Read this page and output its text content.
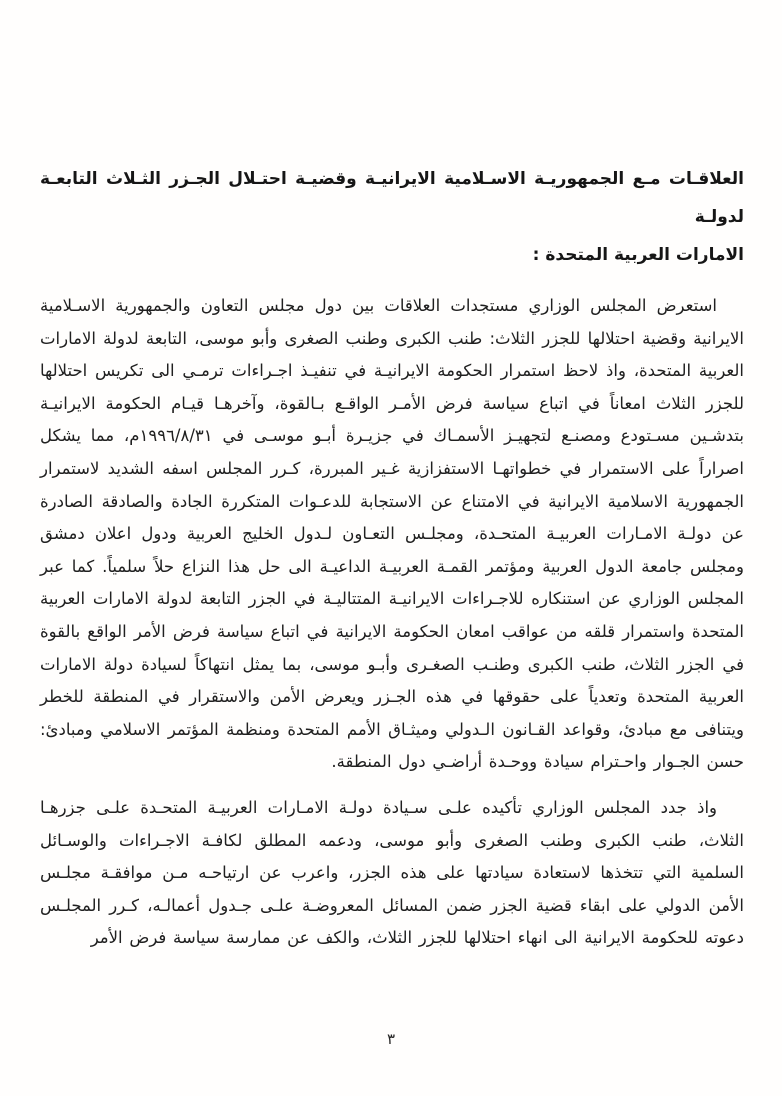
العلاقـات مـع الجمهوريـة الاسـلامية الايرانيـة وقضيـة احتـلال الجـزر الثـلاث التابعـة لدولـة
الامارات العربية المتحدة :

استعرض المجلس الوزاري مستجدات العلاقات بين دول مجلس التعاون والجمهورية الاسـلامية الايرانية وقضية احتلالها للجزر الثلاث: طنب الكبرى وطنب الصغرى وأبو موسى، التابعة لدولة الامارات العربية المتحدة، واذ لاحظ استمرار الحكومة الايرانيـة في تنفيـذ اجـراءات ترمـي الى تكريس احتلالها للجزر الثلاث امعاناً في اتباع سياسة فرض الأمـر الواقـع بـالقوة، وآخرهـا قيـام الحكومة الايرانيـة بتدشـين مسـتودع ومصنـع لتجهيـز الأسمـاك في جزيـرة أبـو موسـى في ١٩٩٦/٨/٣١م، مما يشكل اصراراً على الاستمرار في خطواتهـا الاستفزازية غـير المبررة، كـرر المجلس اسفه الشديد لاستمرار الجمهورية الاسلامية الايرانية في الامتناع عن الاستجابة للدعـوات المتكررة الجادة والصادقة الصادرة عن دولـة الامـارات العربيـة المتحـدة، ومجلـس التعـاون لـدول الخليج العربية ودول اعلان دمشق ومجلس جامعة الدول العربية ومؤتمر القمـة العربيـة الداعيـة الى حل هذا النزاع حلاً سلمياً. كما عبر المجلس الوزاري عن استنكاره للاجـراءات الايرانيـة المتتاليـة في الجزر التابعة لدولة الامارات العربية المتحدة واستمرار قلقه من عواقب امعان الحكومة الايرانية في اتباع سياسة فرض الأمر الواقع بالقوة في الجزر الثلاث، طنب الكبرى وطنـب الصغـرى وأبـو موسى، بما يمثل انتهاكاً لسيادة دولة الامارات العربية المتحدة وتعدياً على حقوقها في هذه الجـزر ويعرض الأمن والاستقرار في المنطقة للخطر ويتنافى مع مبادئ، وقواعد القـانون الـدولي وميثـاق الأمم المتحدة ومنظمة المؤتمر الاسلامي ومبادئ: حسن الجـوار واحـترام سيادة ووحـدة أراضـي دول المنطقة.

واذ جدد المجلس الوزاري تأكيده علـى سـيادة دولـة الامـارات العربيـة المتحـدة علـى جزرهـا الثلاث، طنب الكبرى وطنب الصغرى وأبو موسى، ودعمه المطلق لكافـة الاجـراءات والوسـائل السلمية التي تتخذها لاستعادة سيادتها على هذه الجزر، واعرب عن ارتياحـه مـن موافقـة مجلـس الأمن الدولي على ابقاء قضية الجزر ضمن المسائل المعروضـة علـى جـدول أعمالـه، كـرر المجلـس دعوته للحكومة الايرانية الى انهاء احتلالها للجزر الثلاث، والكف عن ممارسة سياسة فرض الأمر

٣
